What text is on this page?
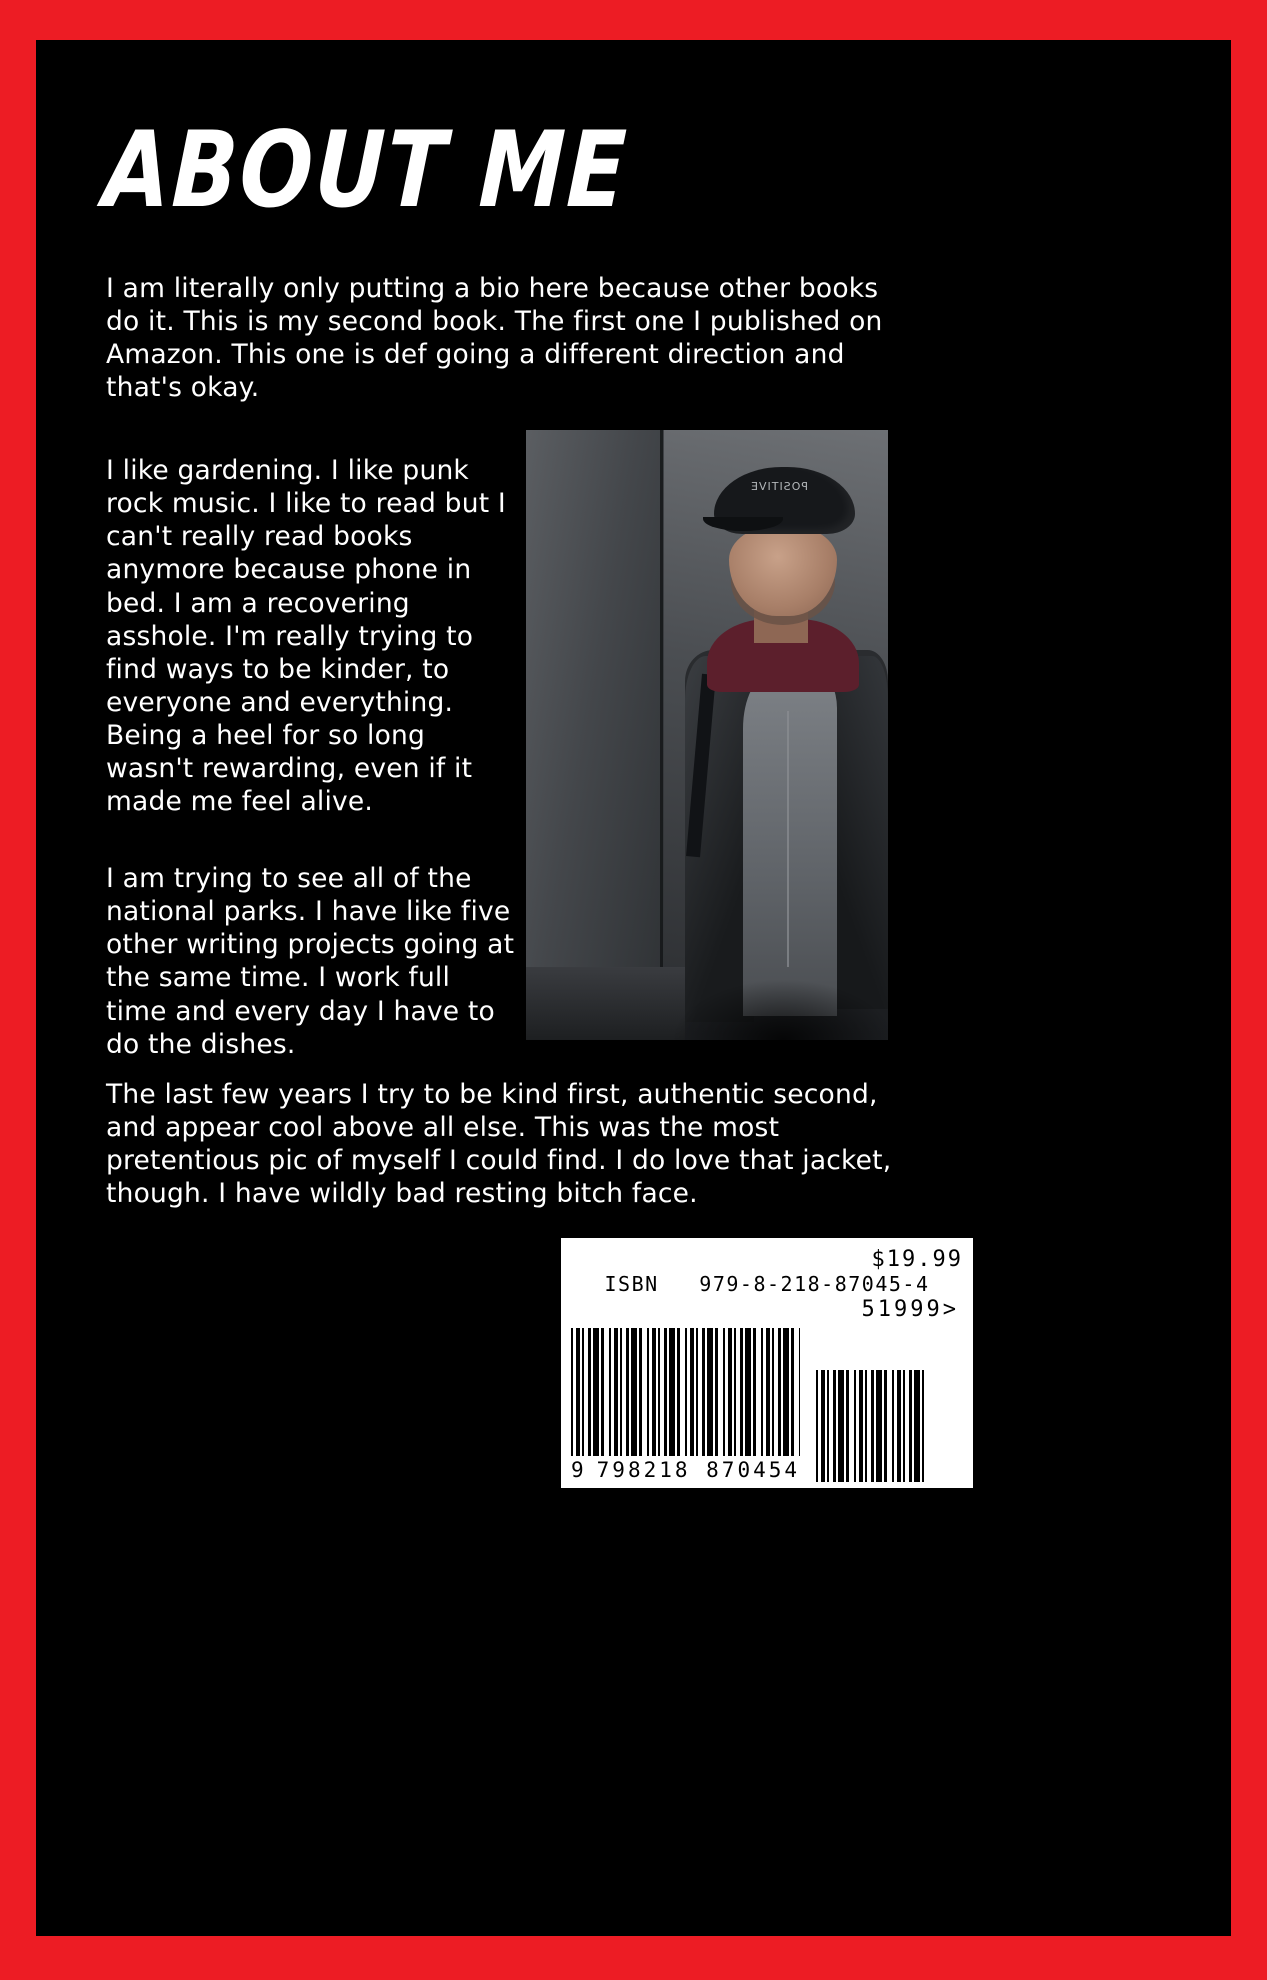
ABOUT ME

I am literally only putting a bio here because other books do it. This is my second book. The first one I published on Amazon. This one is def going a different direction and that's okay.

I like gardening. I like punk rock music. I like to read but I can't really read books anymore because phone in bed. I am a recovering asshole. I'm really trying to find ways to be kinder, to everyone and everything. Being a heel for so long wasn't rewarding, even if it made me feel alive.

I am trying to see all of the national parks. I have like five other writing projects going at the same time. I work full time and every day I have to do the dishes.

The last few years I try to be kind first, authentic second, and appear cool above all else. This was the most pretentious pic of myself I could find. I do love that jacket, though. I have wildly bad resting bitch face.

POSITIVE
$19.99
ISBN 979-8-218-87045-4
51999>
9 798218 870454
